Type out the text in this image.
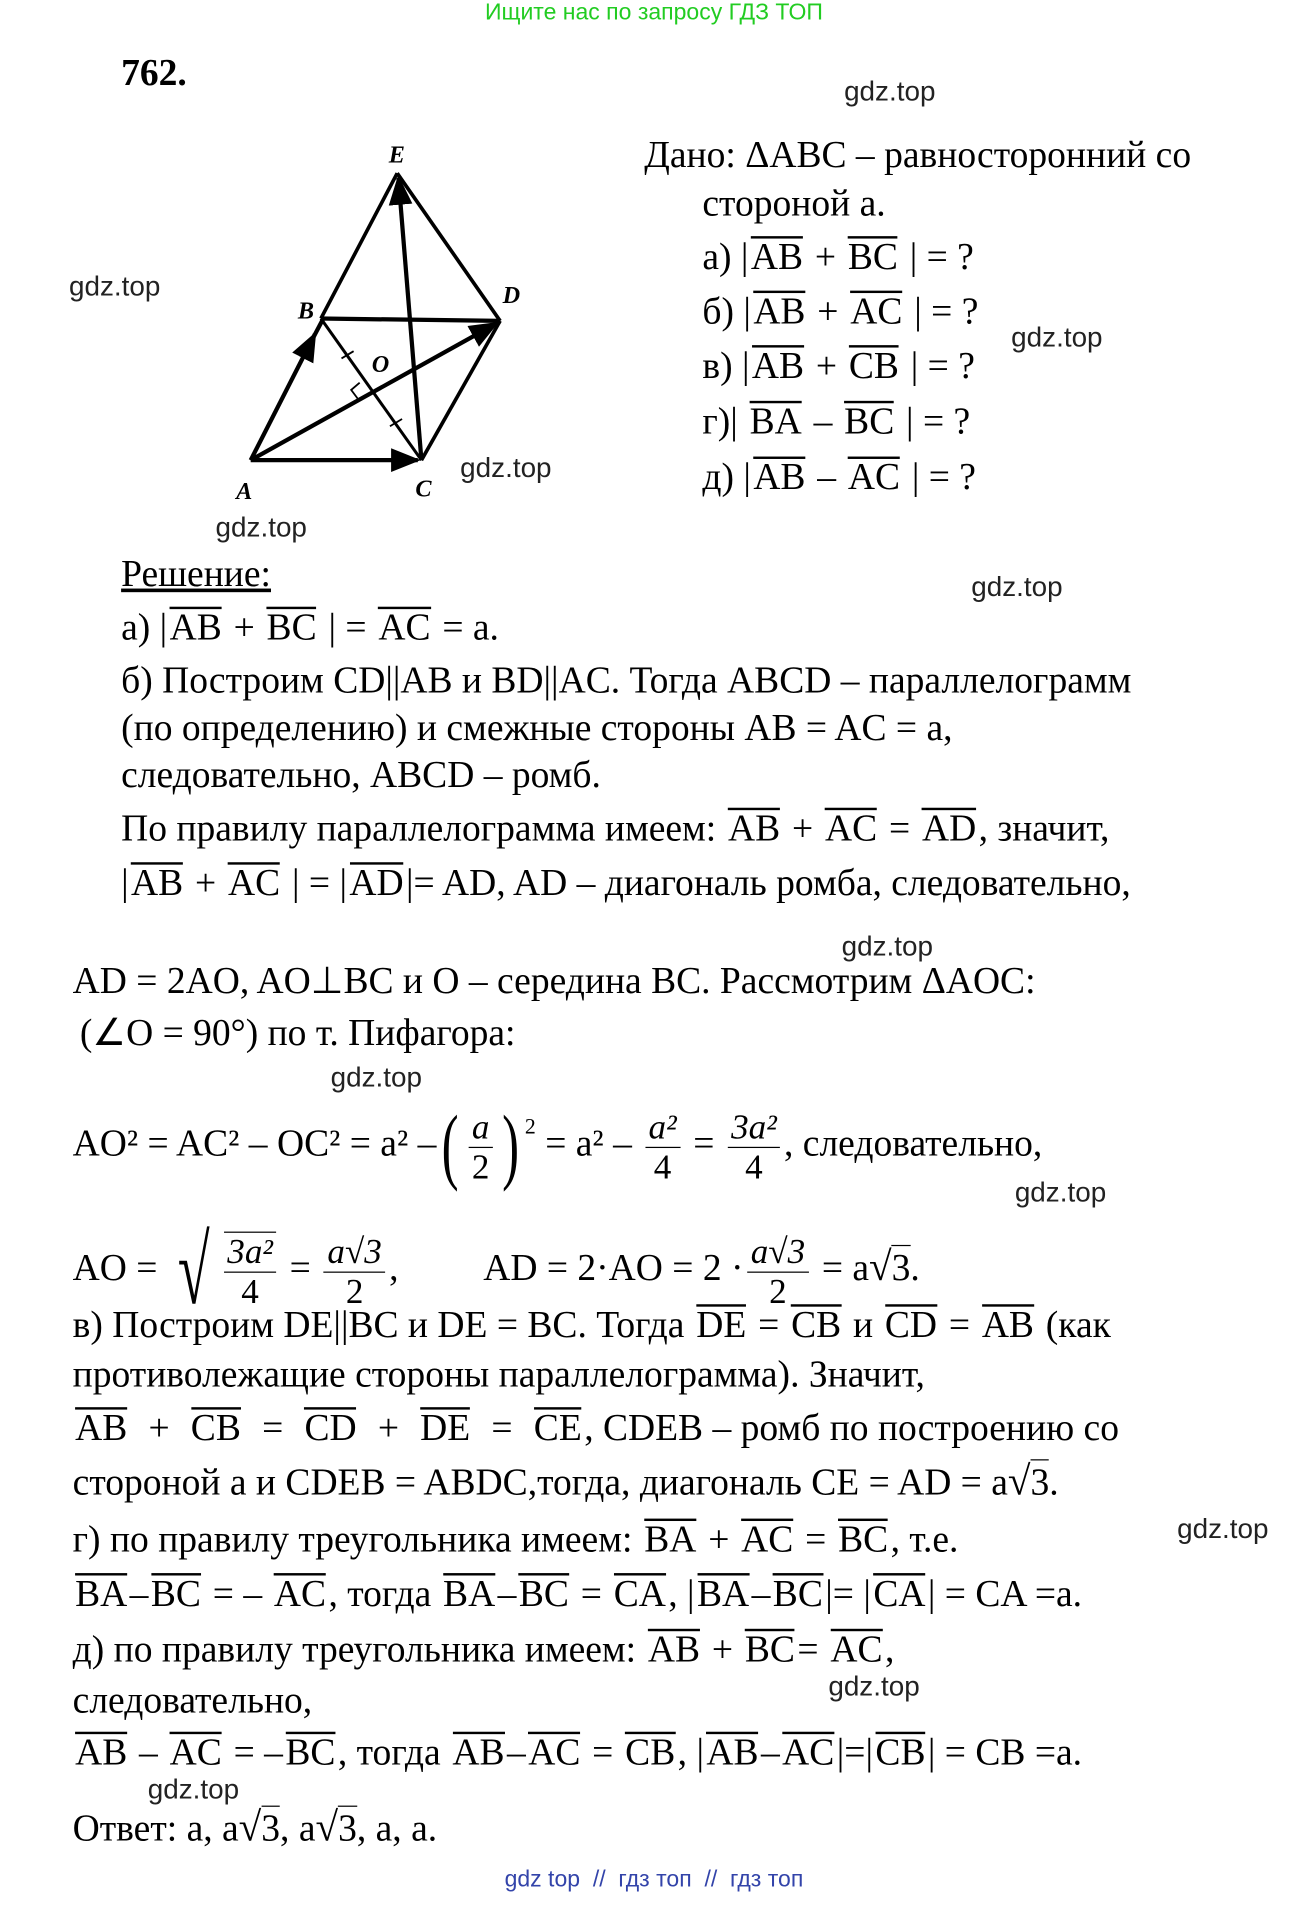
Ищите нас по запросу ГДЗ ТОП
762.
E
B
D
O
A	C
Дано: ΔABC – равносторонний со
стороной a.
а) |AB + BC | = ?
б) |AB + AC | = ?
в) |AB + CB | = ?
г)| BA – BC | = ?
д) |AB – AC | = ?
Решение:
а) |AB + BC | = AC = a.
б) Построим CD||AB и BD||AC. Тогда ABCD – параллелограмм
(по определению) и смежные стороны AB = AC = a,
следовательно, ABCD – ромб.
По правилу параллелограмма имеем: AB + AC = AD, значит,
|AB + AC | = |AD|= AD, AD – диагональ ромба, следовательно,
AD = 2AO, AO⊥BC и O – середина BC. Рассмотрим ΔAOC:
(∠O = 90°) по т. Пифагора:
AO² = AC² – OC² = a² – ( $\frac{a}{2}$ ) $^2 = a^2 - \frac{\text{a²}}{4} = \frac{\text{3a²}}{4}$ , следовательно,
AO = √ $\frac{\text{3a²}}{4} = \frac{a√3}{2}$ ,	AD = $2\cdot AO = 2 \cdot \frac{a√3}{2} = a√3$.
в) Построим DE||BC и DE = BC. Тогда DE = CB и CD = AB (как
противолежащие стороны параллелограмма). Значит,
AB  +  CB  =  CD  +  DE  =  CE, CDEB – ромб по построению со
стороной a и CDEB = ABDC,тогда, диагональ CE = AD = a√3.
г) по правилу треугольника имеем: BA + AC = BC, т.е.
BA–BC = – AC, тогда BA–BC = CA, |BA–BC|= |CA| = CA =a.
д) по правилу треугольника имеем: AB + BC= AC,
следовательно,
AB – AC = –BC, тогда AB–AC = CB, |AB–AC|=|CB| = CB =a.
Ответ: a, a√3, a√3, a, a.
gdz.top
gdz.top
gdz.top
gdz.top
gdz.top
gdz.top
gdz.top
gdz.top
gdz.top
gdz.top
gdz.top
gdz.top
gdz top  //  гдз топ  //  гдз топ
